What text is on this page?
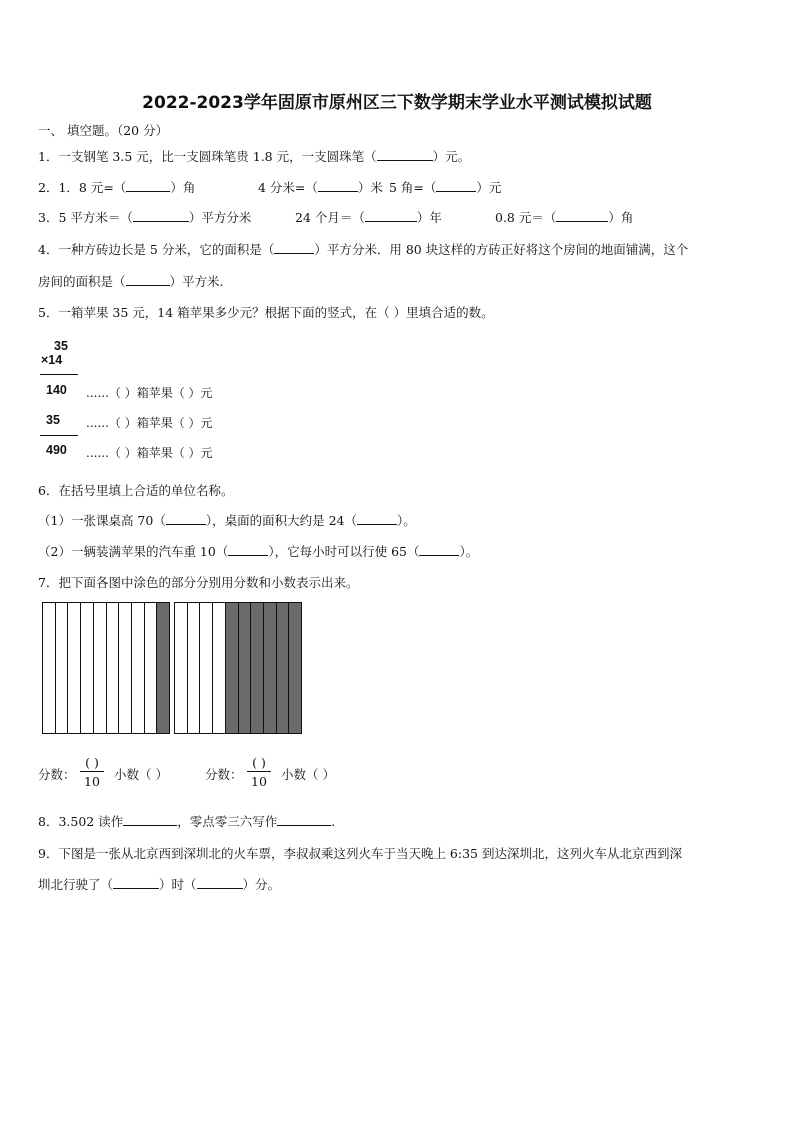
2022-2023学年固原市原州区三下数学期末学业水平测试模拟试题
一、 填空题。（20 分）
1．一支钢笔 3.5 元，比一支圆珠笔贵 1.8 元，一支圆珠笔（	）元。
2．1．8 元=（	）角	4 分米=（	）米 5 角=（	）元
3．5 平方米＝（	）平方分米	24 个月＝（	）年	0.8 元＝（	）角
4．一种方砖边长是 5 分米，它的面积是（	）平方分米．用 80 块这样的方砖正好将这个房间的地面铺满，这个
房间的面积是（	）平方米.
5．一箱苹果 35 元，14 箱苹果多少元？根据下面的竖式，在（ ）里填合适的数。
35
×14
140 ......（ ）箱苹果（ ）元
35 ......（ ）箱苹果（ ）元
490 ......（ ）箱苹果（ ）元
6．在括号里填上合适的单位名称。
（1）一张课桌高 70（	），桌面的面积大约是 24（	）。
（2）一辆装满苹果的汽车重 10（	），它每小时可以行使 65（	）。
7．把下面各图中涂色的部分分别用分数和小数表示出来。
分数：
( )
10	小数（ ）	分数：
( )
10	小数（ ）
8．3.502 读作	，零点零三六写作	.
9．下图是一张从北京西到深圳北的火车票，李叔叔乘这列火车于当天晚上 6:35 到达深圳北，这列火车从北京西到深
圳北行驶了（	）时（	）分。
